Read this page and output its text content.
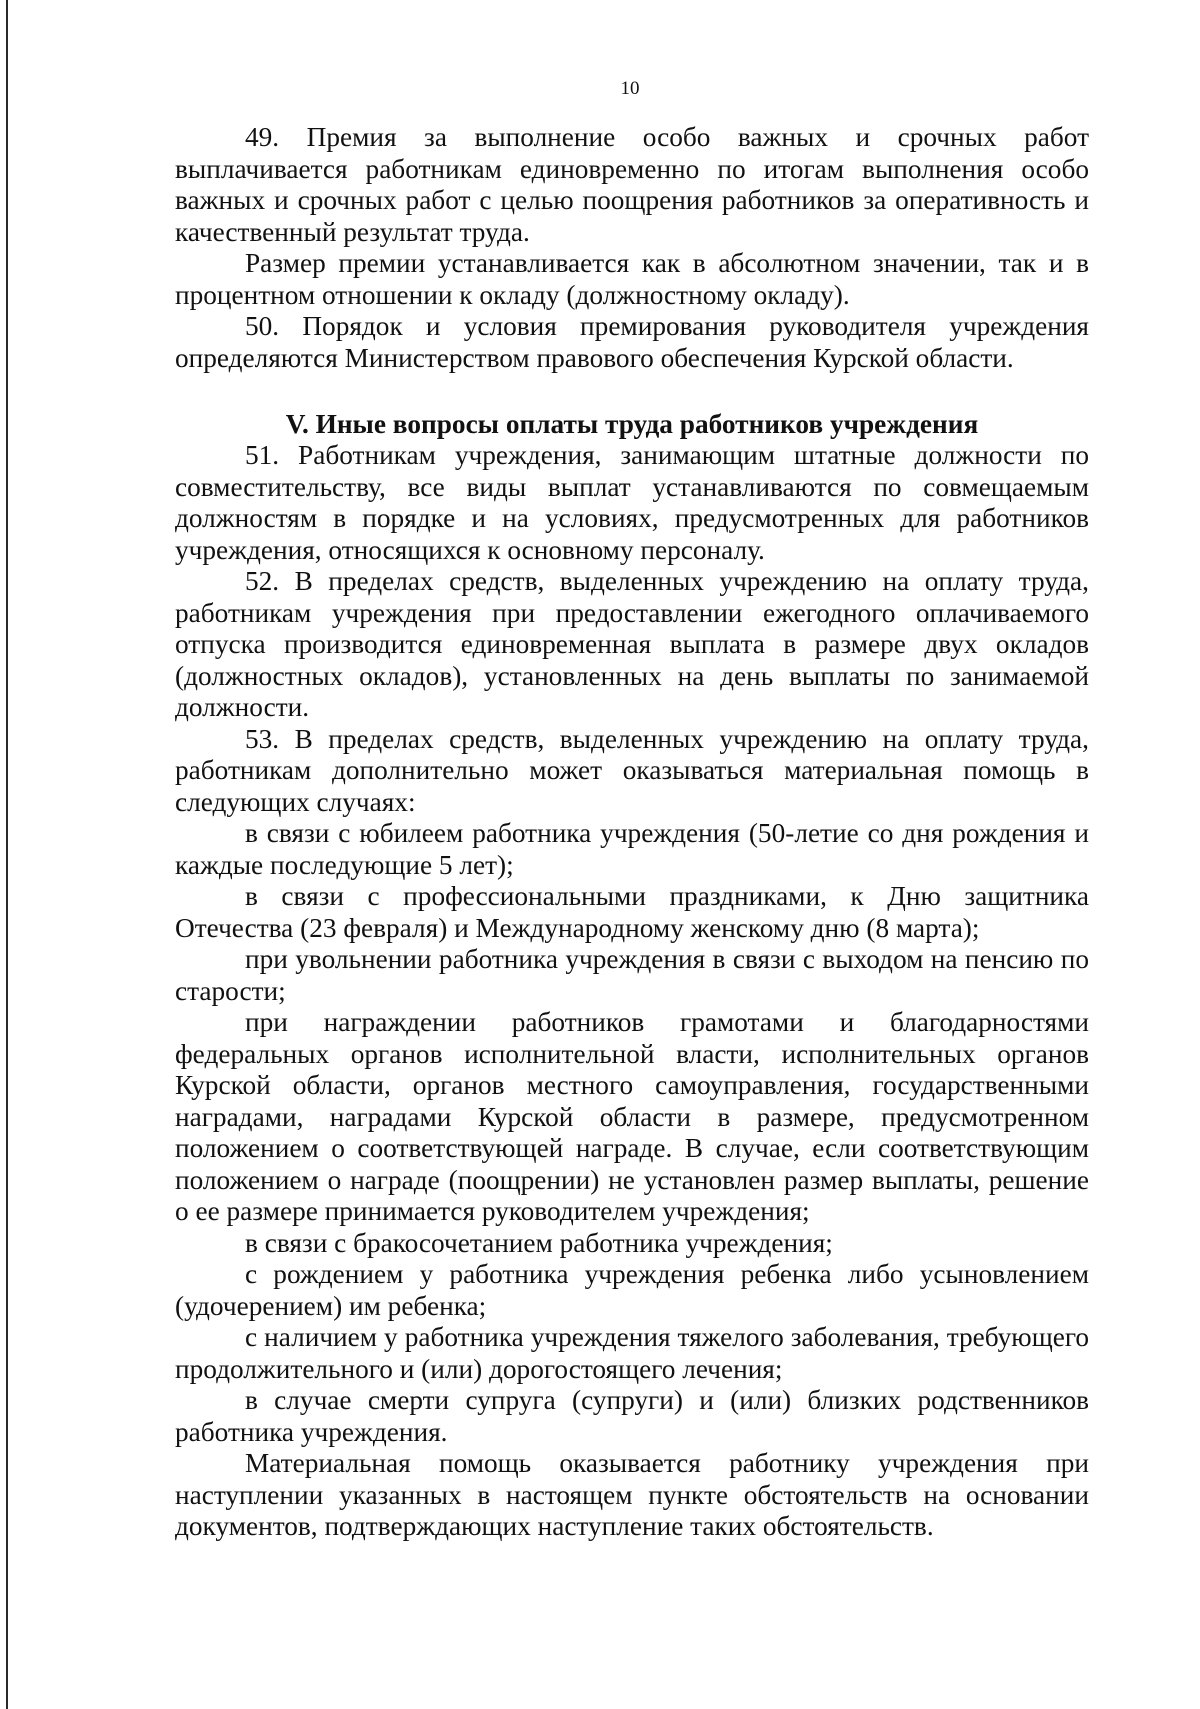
10

49. Премия за выполнение особо важных и срочных работ выплачивается работникам единовременно по итогам выполнения особо важных и срочных работ с целью поощрения работников за оперативность и качественный результат труда.

Размер премии устанавливается как в абсолютном значении, так и в процентном отношении к окладу (должностному окладу).

50. Порядок и условия премирования руководителя учреждения определяются Министерством правового обеспечения Курской области.

V. Иные вопросы оплаты труда работников учреждения

51. Работникам учреждения, занимающим штатные должности по совместительству, все виды выплат устанавливаются по совмещаемым должностям в порядке и на условиях, предусмотренных для работников учреждения, относящихся к основному персоналу.

52. В пределах средств, выделенных учреждению на оплату труда, работникам учреждения при предоставлении ежегодного оплачиваемого отпуска производится единовременная выплата в размере двух окладов (должностных окладов), установленных на день выплаты по занимаемой должности.

53. В пределах средств, выделенных учреждению на оплату труда, работникам дополнительно может оказываться материальная помощь в следующих случаях:

в связи с юбилеем работника учреждения (50-летие со дня рождения и каждые последующие 5 лет);

в связи с профессиональными праздниками, к Дню защитника Отечества (23 февраля) и Международному женскому дню (8 марта);

при увольнении работника учреждения в связи с выходом на пенсию по старости;

при награждении работников грамотами и благодарностями федеральных органов исполнительной власти, исполнительных органов Курской области, органов местного самоуправления, государственными наградами, наградами Курской области в размере, предусмотренном положением о соответствующей награде. В случае, если соответствующим положением о награде (поощрении) не установлен размер выплаты, решение о ее размере принимается руководителем учреждения;

в связи с бракосочетанием работника учреждения;

с рождением у работника учреждения ребенка либо усыновлением (удочерением) им ребенка;

с наличием у работника учреждения тяжелого заболевания, требующего продолжительного и (или) дорогостоящего лечения;

в случае смерти супруга (супруги) и (или) близких родственников работника учреждения.

Материальная помощь оказывается работнику учреждения при наступлении указанных в настоящем пункте обстоятельств на основании документов, подтверждающих наступление таких обстоятельств.
